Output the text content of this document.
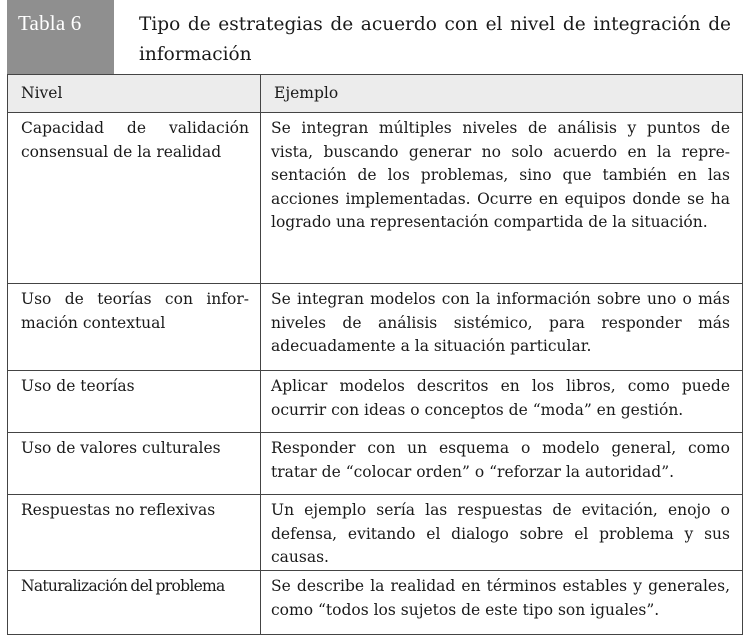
Tabla 6	Tipo de estrategias de acuerdo con el nivel de integración de información
Nivel	Ejemplo
Capacidad de validación consensual de la realidad	Se integran múltiples niveles de análisis y puntos de vista, buscando generar no solo acuerdo en la representación de los problemas, sino que también en las acciones implementadas. Ocurre en equipos donde se ha logrado una representación compartida de la situación.
Uso de teorías con información contextual	Se integran modelos con la información sobre uno o más niveles de análisis sistémico, para responder más adecuadamente a la situación particular.
Uso de teorías	Aplicar modelos descritos en los libros, como puede ocurrir con ideas o conceptos de “moda” en gestión.
Uso de valores culturales	Responder con un esquema o modelo general, como tratar de “colocar orden” o “reforzar la autoridad”.
Respuestas no reflexivas	Un ejemplo sería las respuestas de evitación, enojo o defensa, evitando el dialogo sobre el problema y sus causas.
Naturalización del problema	Se describe la realidad en términos estables y generales, como “todos los sujetos de este tipo son iguales”.
